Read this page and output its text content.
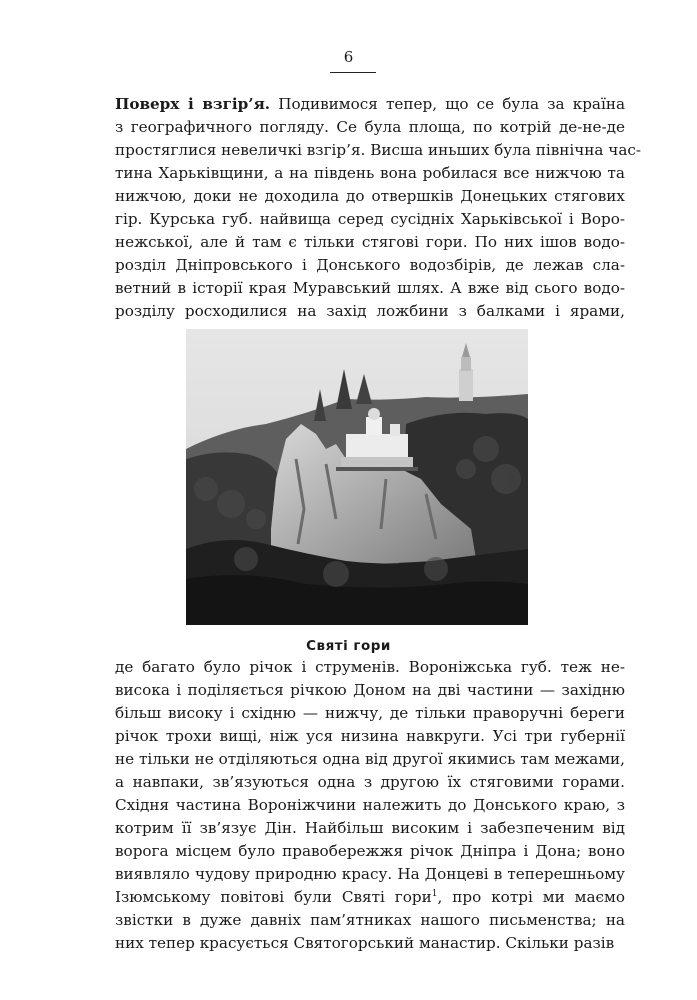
6
Поверх і взгір’я. Подивимося тепер, що се була за країна
з географичного погляду. Се була площа, по котрій де-не-де
простяглися невеличкі взгір’я. Висша иньших була північна час-
тина Харьківщини, а на південь вона робилася все нижчою та
нижчою, доки не доходила до отвершків Донецьких стягових
гір. Курська губ. найвища серед сусідніх Харьківської і Воро-
нежської, але й там є тільки стягові гори. По них ішов водо-
розділ Дніпровського і Донського водозбірів, де лежав сла-
ветний в історії края Муравський шлях. А вже від сього водо-
розділу росходилися на захід ложбини з балками і ярами,
Святі гори
де багато було річок і струменів. Вороніжська губ. теж не-
висока і поділяється річкою Доном на дві частини — західню
більш високу і східню — нижчу, де тільки праворучні береги
річок трохи вищі, ніж уся низина навкруги. Усі три губернії
не тільки не отділяються одна від другої якимись там межами,
а навпаки, зв’язуються одна з другою їх стяговими горами.
Східня частина Вороніжчини належить до Донського краю, з
котрим її зв’язує Дін. Найбільш високим і забезпеченим від
ворога місцем було правобережжя річок Дніпра і Дона; воно
виявляло чудову природню красу. На Донцеві в теперешньому
Ізюмському повітові були Святі гори$^1$, про котрі ми маємо
звістки в дуже давніх пам’ятниках нашого письменства; на
них тепер красується Святогорський манастир. Скільки разів
